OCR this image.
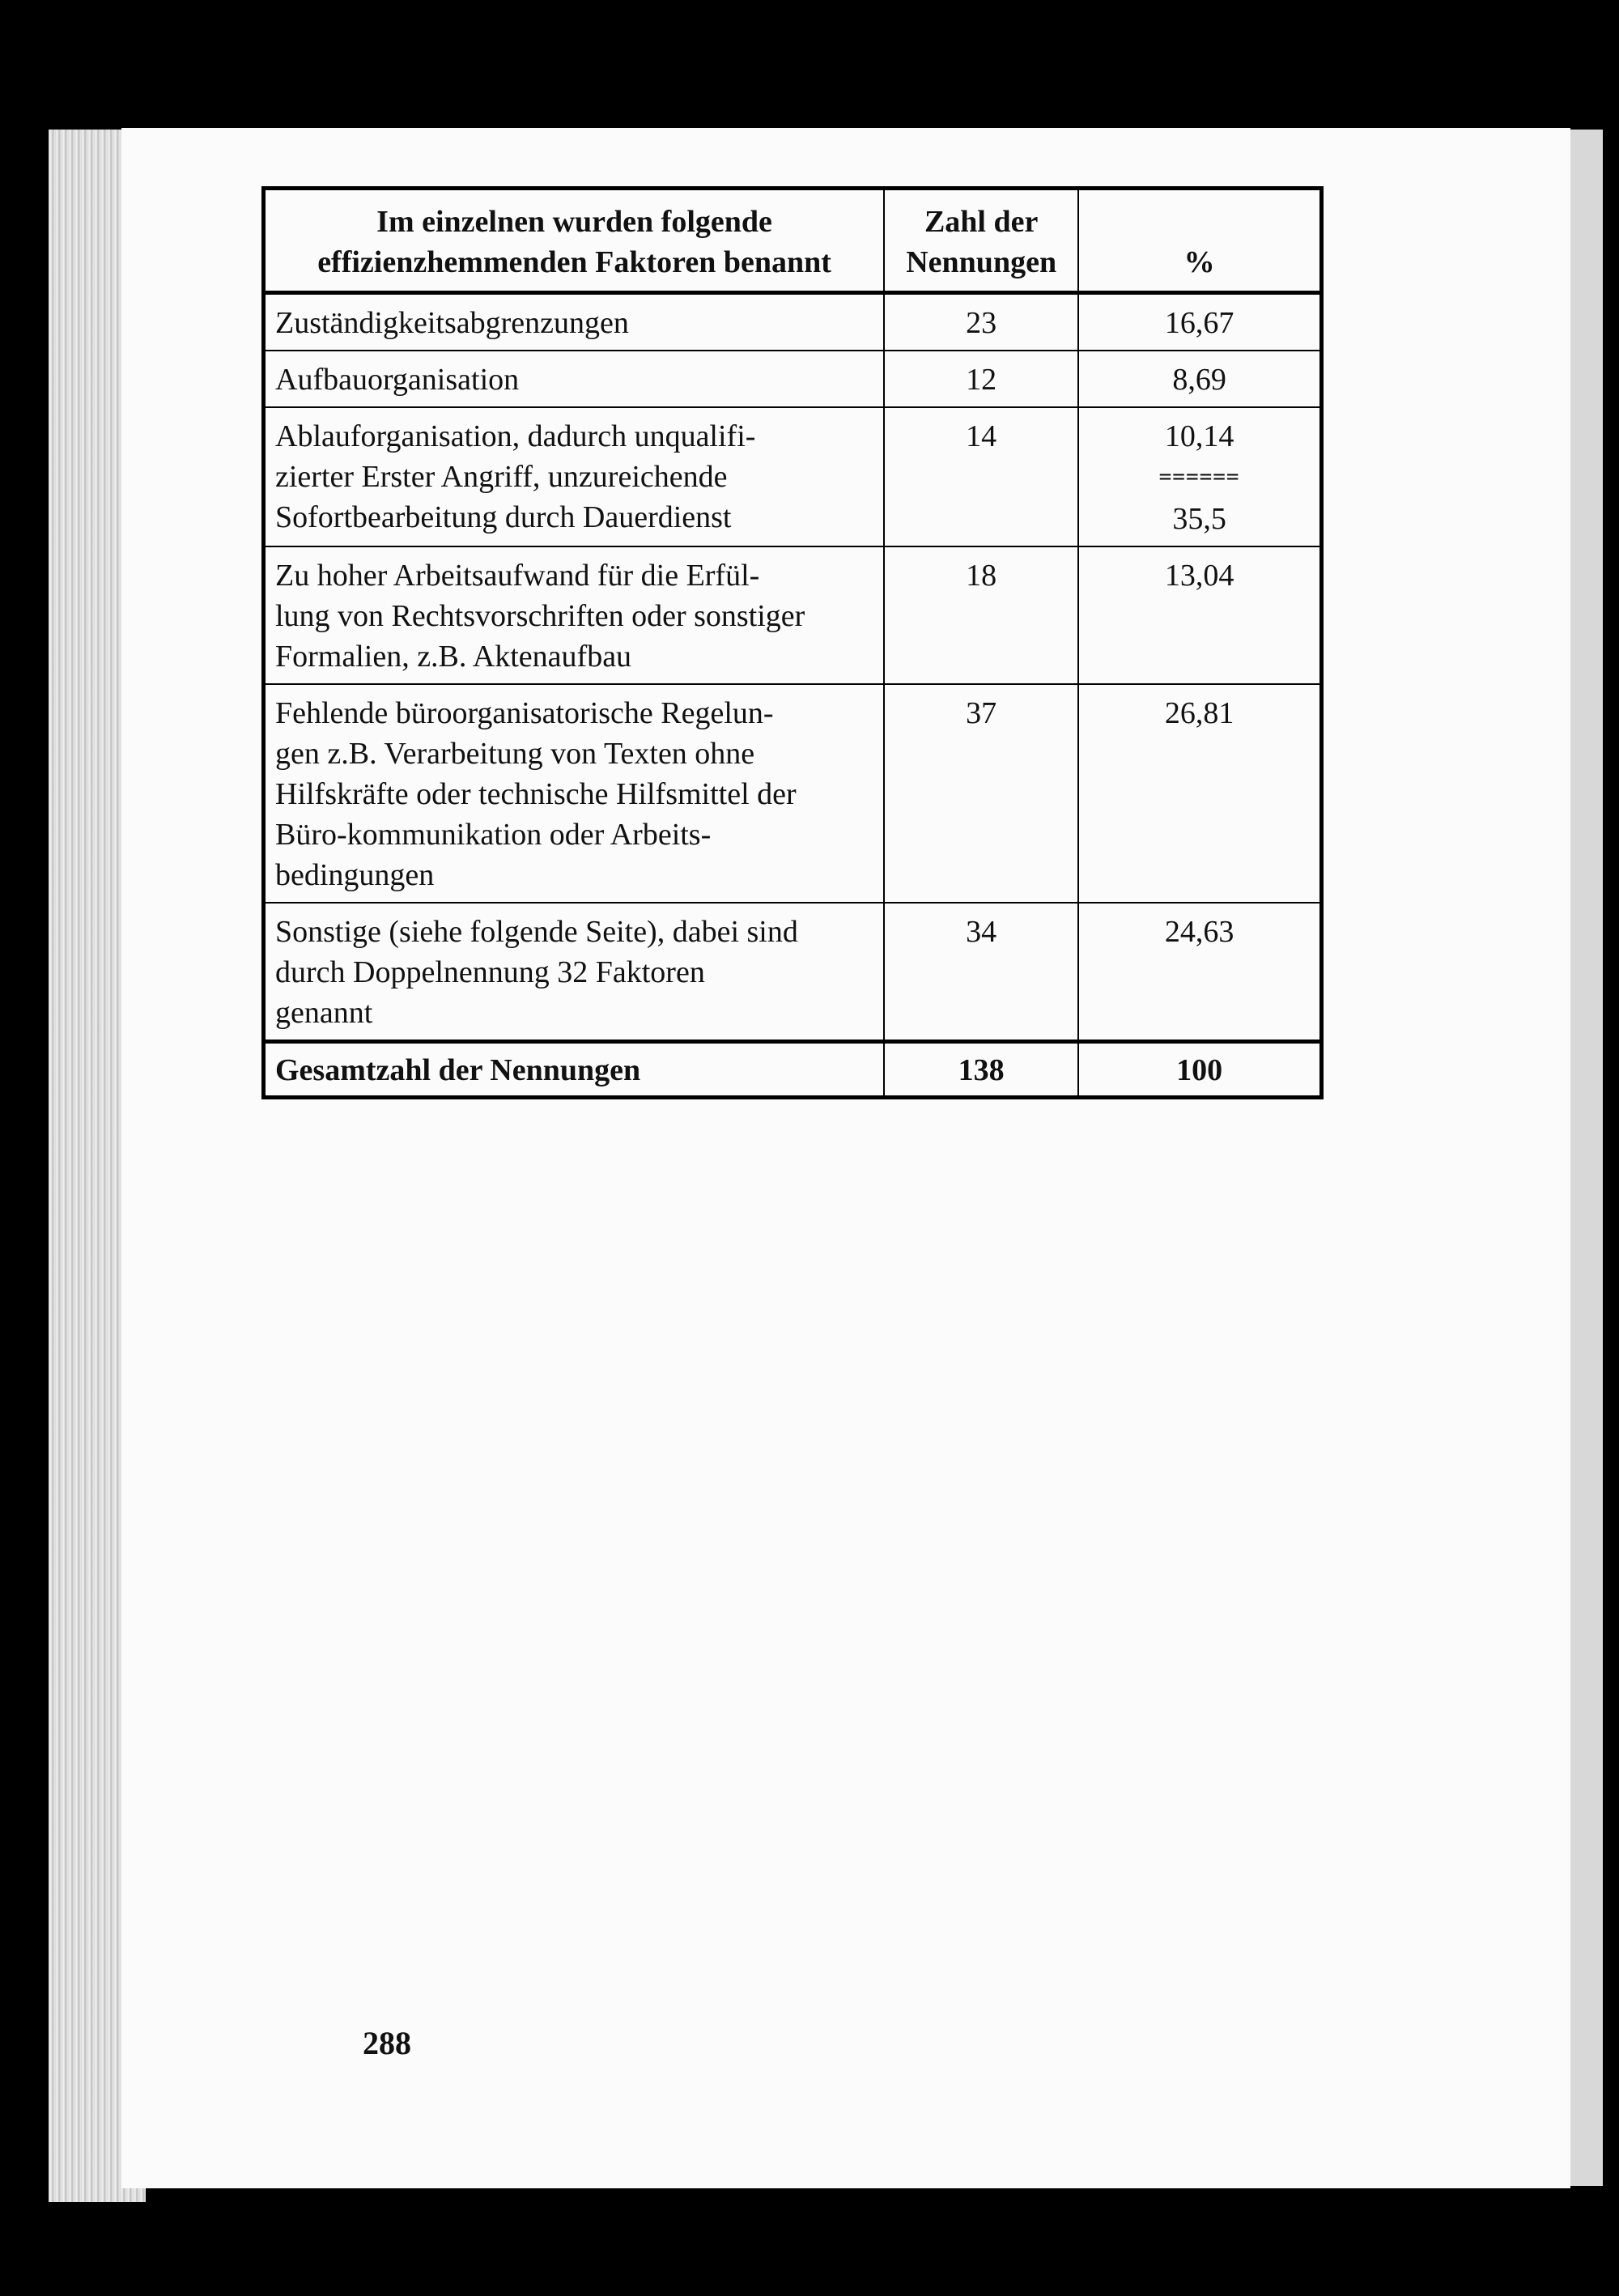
Im einzelnen wurden folgende
effizienzhemmenden Faktoren benannt	Zahl der
Nennungen	%

Zuständigkeitsabgrenzungen	23	16,67

Aufbauorganisation	12	8,69

Ablauforganisation, dadurch unqualifi-
zierter Erster Angriff, unzureichende
Sofortbearbeitung durch Dauerdienst	14	10,14
======
35,5

Zu hoher Arbeitsaufwand für die Erfül-
lung von Rechtsvorschriften oder sonstiger
Formalien, z.B. Aktenaufbau	18	13,04

Fehlende büroorganisatorische Regelun-
gen z.B. Verarbeitung von Texten ohne
Hilfskräfte oder technische Hilfsmittel der
Büro-kommunikation oder Arbeits-
bedingungen	37	26,81

Sonstige (siehe folgende Seite), dabei sind
durch Doppelnennung 32 Faktoren
genannt	34	24,63
Gesamtzahl der Nennungen	138	100
288
